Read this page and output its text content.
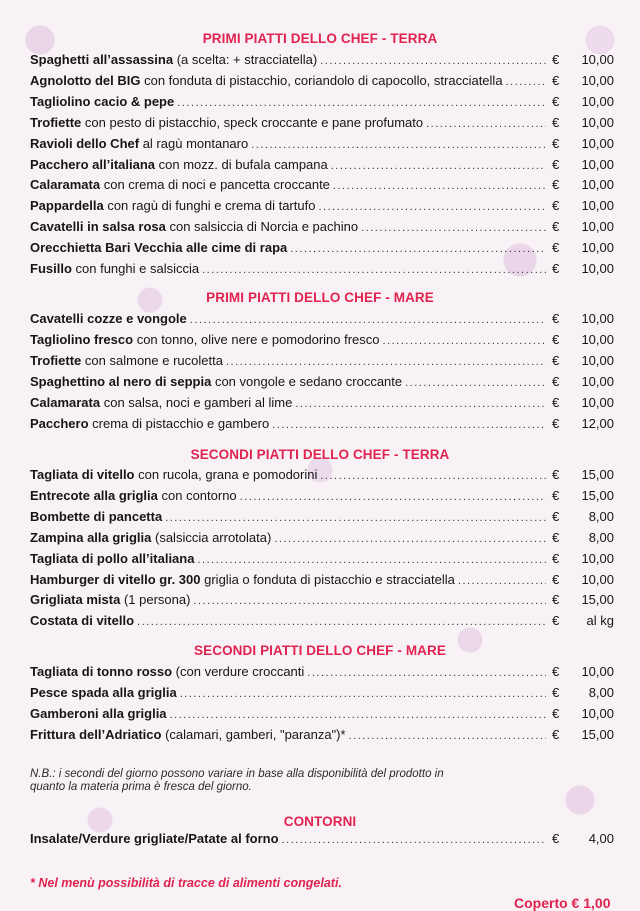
N.B.: i secondi del giorno possono variare in base alla disponibilità del prodotto in quanto la materia prima è fresca del giorno.
* Nel menù possibilità di tracce di alimenti congelati.
Coperto € 1,00
PRIMI PIATTI DELLO CHEF - TERRA
Spaghetti all’assassina (a scelta: + stracciatella) .....	€	10,00
Agnolotto del BIG con fonduta di pistacchio, coriandolo di capocollo, stracciatella .....	€	10,00
Tagliolino cacio & pepe .....	€	10,00
Trofiette con pesto di pistacchio, speck croccante e pane profumato .....	€	10,00
Ravioli dello Chef al ragù montanaro .....	€	10,00
Pacchero all’italiana con mozz. di bufala campana .....	€	10,00
Calaramata con crema di noci e pancetta croccante .....	€	10,00
Pappardella con ragù di funghi e crema di tartufo .....	€	10,00
Cavatelli in salsa rosa con salsiccia di Norcia e pachino .....	€	10,00
Orecchietta Bari Vecchia alle cime di rapa .....	€	10,00
Fusillo con funghi e salsiccia .....	€	10,00
PRIMI PIATTI DELLO CHEF - MARE
Cavatelli cozze e vongole .....	€	10,00
Tagliolino fresco con tonno, olive nere e pomodorino fresco .....	€	10,00
Trofiette con salmone e rucoletta .....	€	10,00
Spaghettino al nero di seppia con vongole e sedano croccante .....	€	10,00
Calamarata con salsa, noci e gamberi al lime .....	€	10,00
Pacchero crema di pistacchio e gambero .....	€	12,00
SECONDI PIATTI DELLO CHEF - TERRA
Tagliata di vitello con rucola, grana e pomodorini .....	€	15,00
Entrecote alla griglia con contorno .....	€	15,00
Bombette di pancetta .....	€	8,00
Zampina alla griglia (salsiccia arrotolata) .....	€	8,00
Tagliata di pollo all’italiana .....	€	10,00
Hamburger di vitello gr. 300 griglia o fonduta di pistacchio e stracciatella .....	€	10,00
Grigliata mista (1 persona) .....	€	15,00
Costata di vitello .....	€	al kg
SECONDI PIATTI DELLO CHEF - MARE
Tagliata di tonno rosso (con verdure croccanti .....	€	10,00
Pesce spada alla griglia .....	€	8,00
Gamberoni alla griglia .....	€	10,00
Frittura dell’Adriatico (calamari, gamberi, "paranza")* .....	€	15,00
CONTORNI
Insalate/Verdure grigliate/Patate al forno .....	€	4,00
